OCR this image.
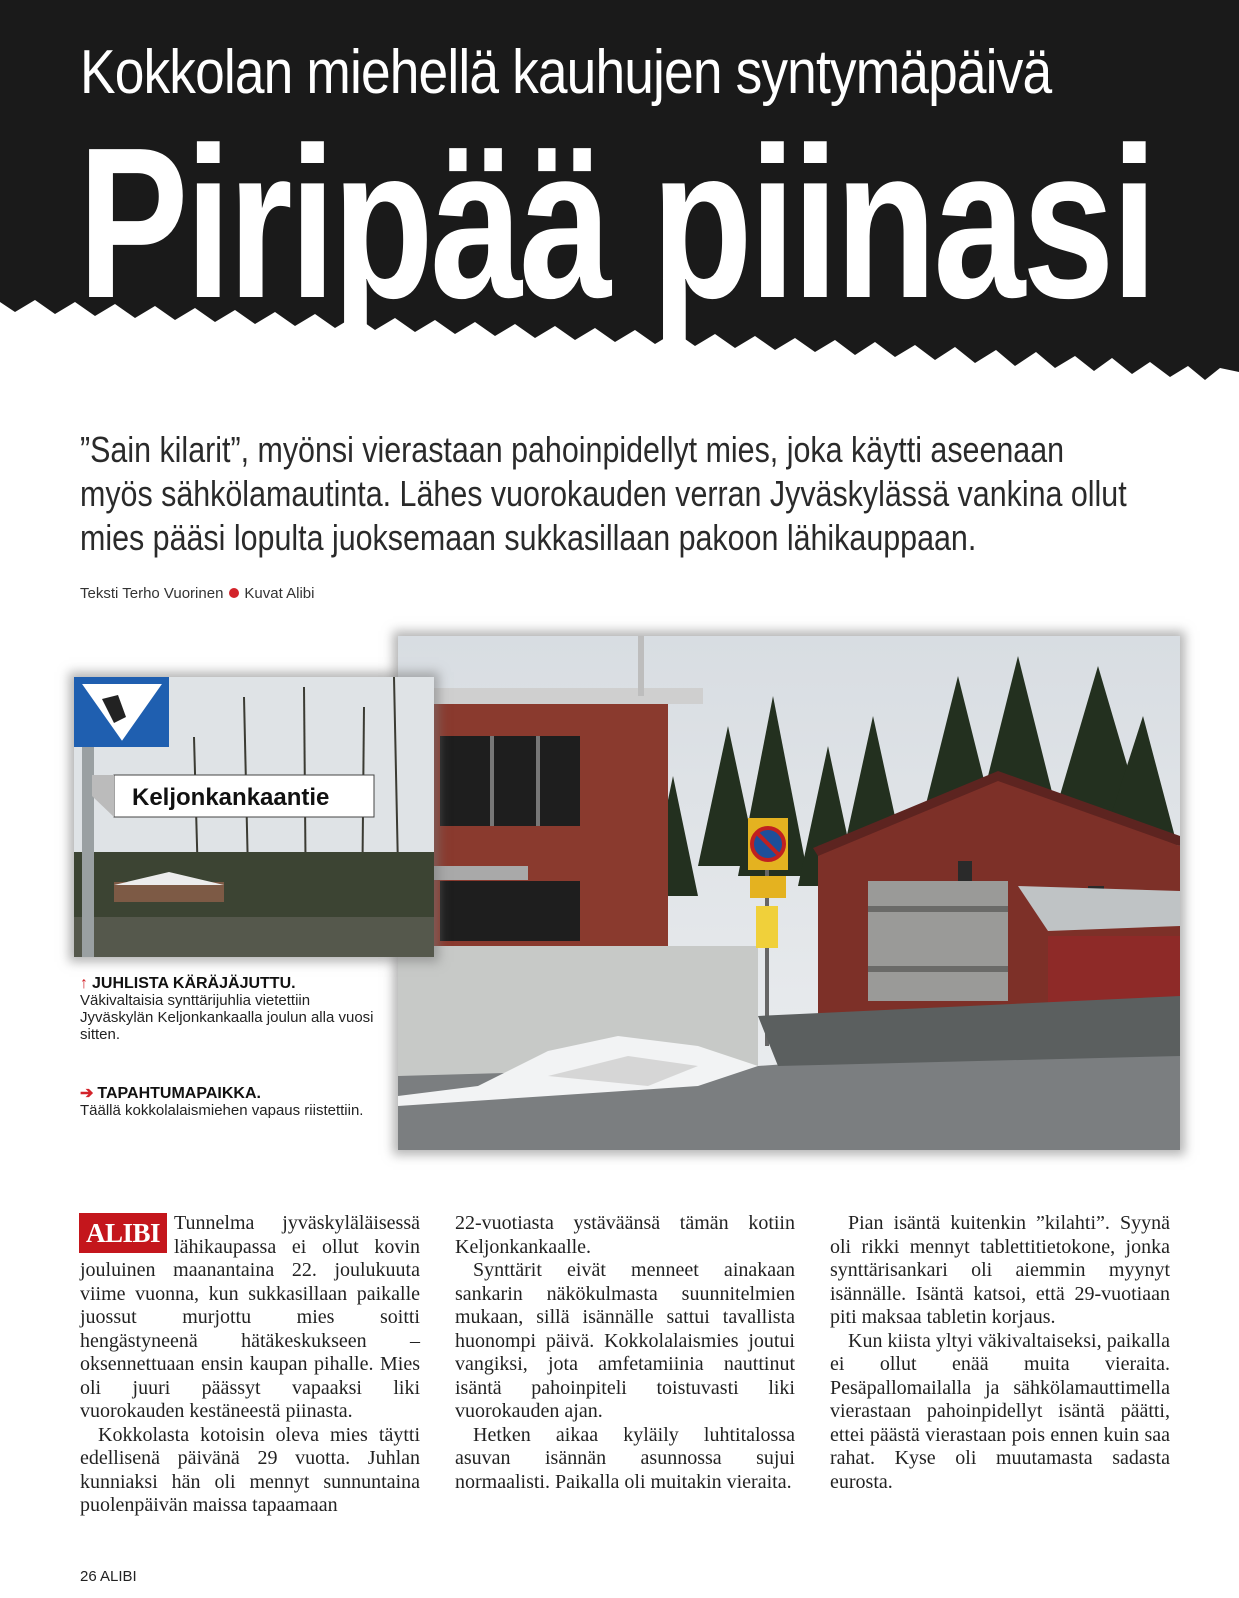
Kokkolan miehellä kauhujen syntymäpäivä
Piripää piinasi
”Sain kilarit”, myönsi vierastaan pahoinpidellyt mies, joka käytti aseenaan myös sähkölamautinta. Lähes vuorokauden verran Jyväskylässä vankina ollut mies pääsi lopulta juoksemaan sukkasillaan pakoon lähikauppaan.
Teksti Terho Vuorinen Kuvat Alibi
Keljonkankaantie
↑ JUHLISTA KÄRÄJÄJUTTU.
Väkivaltaisia synttärijuhlia vietettiin Jyväskylän Keljonkankaalla joulun alla vuosi sitten.
➔ TAPAHTUMAPAIKKA.
Täällä kokkolalaismiehen vapaus riistettiin.
ALIBI Tunnelma jyväskyläläisessä lähikaupassa ei ollut kovin jouluinen maanantaina 22. joulukuuta viime vuonna, kun sukkasillaan paikalle juossut murjottu mies soitti hengästyneenä hätäkeskukseen – oksennettuaan ensin kaupan pihalle. Mies oli juuri päässyt vapaaksi liki vuorokauden kestäneestä piinasta.

Kokkolasta kotoisin oleva mies täytti edellisenä päivänä 29 vuotta. Juhlan kunniaksi hän oli mennyt sunnuntaina puolenpäivän maissa tapaamaan

22-vuotiasta ystäväänsä tämän kotiin Keljonkankaalle.

Synttärit eivät menneet ainakaan sankarin näkökulmasta suunnitelmien mukaan, sillä isännälle sattui tavallista huonompi päivä. Kokkolalaismies joutui vangiksi, jota amfetamiinia nauttinut isäntä pahoinpiteli toistuvasti liki vuorokauden ajan.

Hetken aikaa kyläily luhtitalossa asuvan isännän asunnossa sujui normaalisti. Paikalla oli muitakin vieraita.

Pian isäntä kuitenkin ”kilahti”. Syynä oli rikki mennyt tablettitietokone, jonka synttärisankari oli aiemmin myynyt isännälle. Isäntä katsoi, että 29-vuotiaan piti maksaa tabletin korjaus.

Kun kiista yltyi väkivaltaiseksi, paikalla ei ollut enää muita vieraita. Pesäpallomailalla ja sähkölamauttimella vierastaan pahoinpidellyt isäntä päätti, ettei päästä vierastaan pois ennen kuin saa rahat. Kyse oli muutamasta sadasta eurosta.

26 ALIBI
